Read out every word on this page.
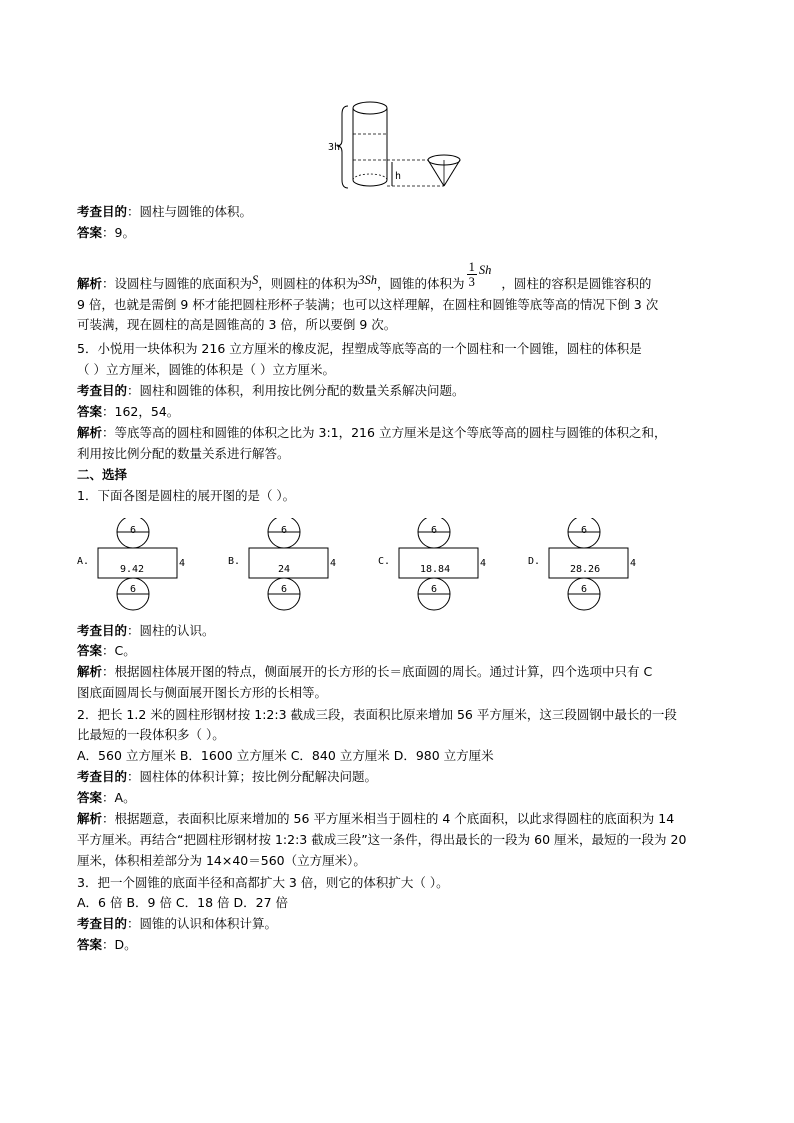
3h
h
考查目的：圆柱与圆锥的体积。
答案：9。
解析：设圆柱与圆锥的底面积为S，则圆柱的体积为3Sh，圆锥的体积为 $\frac{1}{3}$ Sh，圆柱的容积是圆锥容积的
9 倍，也就是需倒 9 杯才能把圆柱形杯子装满；也可以这样理解，在圆柱和圆锥等底等高的情况下倒 3 次
可装满，现在圆柱的高是圆锥高的 3 倍，所以要倒 9 次。
5．小悦用一块体积为 216 立方厘米的橡皮泥，捏塑成等底等高的一个圆柱和一个圆锥，圆柱的体积是
（ ）立方厘米，圆锥的体积是（ ）立方厘米。
考查目的：圆柱和圆锥的体积，利用按比例分配的数量关系解决问题。
答案：162，54。
解析：等底等高的圆柱和圆锥的体积之比为 3:1，216 立方厘米是这个等底等高的圆柱与圆锥的体积之和，
利用按比例分配的数量关系进行解答。
二、选择
1．下面各图是圆柱的展开图的是（ ）。
A.
6
9.42
4
6
B.
6
24
4
6
C.
6
18.84
4
6
D.
6
28.26
4
6
考查目的：圆柱的认识。
答案：C。
解析：根据圆柱体展开图的特点，侧面展开的长方形的长＝底面圆的周长。通过计算，四个选项中只有 C
图底面圆周长与侧面展开图长方形的长相等。
2．把长 1.2 米的圆柱形钢材按 1:2:3 截成三段，表面积比原来增加 56 平方厘米，这三段圆钢中最长的一段
比最短的一段体积多（ ）。
A．560 立方厘米 B．1600 立方厘米 C．840 立方厘米 D．980 立方厘米
考查目的：圆柱体的体积计算；按比例分配解决问题。
答案：A。
解析：根据题意，表面积比原来增加的 56 平方厘米相当于圆柱的 4 个底面积，以此求得圆柱的底面积为 14
平方厘米。再结合“把圆柱形钢材按 1:2:3 截成三段”这一条件，得出最长的一段为 60 厘米，最短的一段为 20
厘米，体积相差部分为 14×40＝560（立方厘米）。
3．把一个圆锥的底面半径和高都扩大 3 倍，则它的体积扩大（ ）。
A．6 倍 B．9 倍 C．18 倍 D．27 倍
考查目的：圆锥的认识和体积计算。
答案：D。
